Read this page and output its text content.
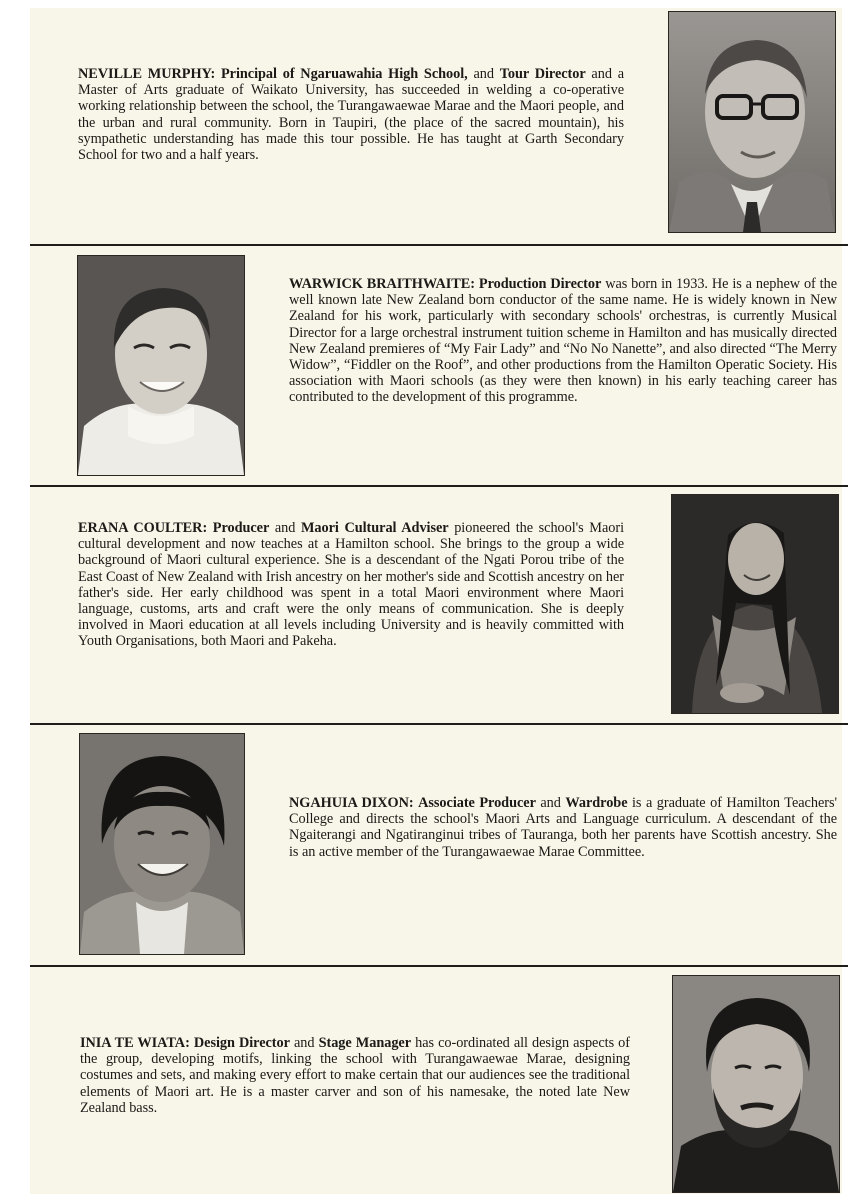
NEVILLE MURPHY: Principal of Ngaruawahia High School, and Tour Director and a Master of Arts graduate of Waikato University, has succeeded in welding a co-operative working relationship between the school, the Turangawaewae Marae and the Maori people, and the urban and rural community. Born in Taupiri, (the place of the sacred mountain), his sympathetic understanding has made this tour possible. He has taught at Garth Secondary School for two and a half years.

WARWICK BRAITHWAITE: Production Director was born in 1933. He is a nephew of the well known late New Zealand born conductor of the same name. He is widely known in New Zealand for his work, particularly with secondary schools' orchestras, is currently Musical Director for a large orchestral instrument tuition scheme in Hamilton and has musically directed New Zealand premieres of “My Fair Lady” and “No No Nanette”, and also directed “The Merry Widow”, “Fiddler on the Roof”, and other productions from the Hamilton Operatic Society. His association with Maori schools (as they were then known) in his early teaching career has contributed to the development of this programme.

ERANA COULTER: Producer and Maori Cultural Adviser pioneered the school's Maori cultural development and now teaches at a Hamilton school. She brings to the group a wide background of Maori cultural experience. She is a descendant of the Ngati Porou tribe of the East Coast of New Zealand with Irish ancestry on her mother's side and Scottish ancestry on her father's side. Her early childhood was spent in a total Maori environment where Maori language, customs, arts and craft were the only means of communication. She is deeply involved in Maori education at all levels including University and is heavily committed with Youth Organisations, both Maori and Pakeha.

NGAHUIA DIXON: Associate Producer and Wardrobe is a graduate of Hamilton Teachers' College and directs the school's Maori Arts and Language curriculum. A descendant of the Ngaiterangi and Ngatiranginui tribes of Tauranga, both her parents have Scottish ancestry. She is an active member of the Turangawaewae Marae Committee.

INIA TE WIATA: Design Director and Stage Manager has co-ordinated all design aspects of the group, developing motifs, linking the school with Turangawaewae Marae, designing costumes and sets, and making every effort to make certain that our audiences see the traditional elements of Maori art. He is a master carver and son of his namesake, the noted late New Zealand bass.
